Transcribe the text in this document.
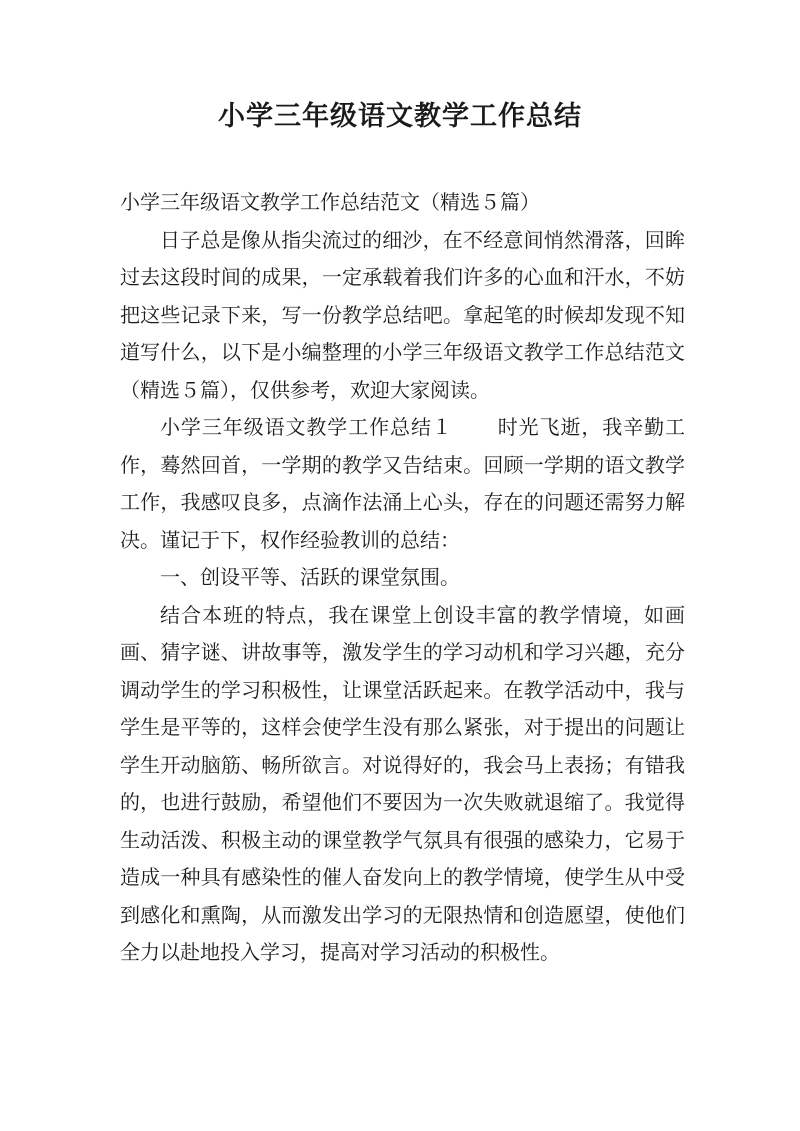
小学三年级语文教学工作总结

小学三年级语文教学工作总结范文（精选５篇）

日子总是像从指尖流过的细沙，在不经意间悄然滑落，回眸过去这段时间的成果，一定承载着我们许多的心血和汗水，不妨把这些记录下来，写一份教学总结吧。拿起笔的时候却发现不知道写什么，以下是小编整理的小学三年级语文教学工作总结范文（精选５篇），仅供参考，欢迎大家阅读。

小学三年级语文教学工作总结１ 时光飞逝，我辛勤工作，蓦然回首，一学期的教学又告结束。回顾一学期的语文教学工作，我感叹良多，点滴作法涌上心头，存在的问题还需努力解决。谨记于下，权作经验教训的总结：

一、创设平等、活跃的课堂氛围。

结合本班的特点，我在课堂上创设丰富的教学情境，如画画、猜字谜、讲故事等，激发学生的学习动机和学习兴趣，充分调动学生的学习积极性，让课堂活跃起来。在教学活动中，我与学生是平等的，这样会使学生没有那么紧张，对于提出的问题让学生开动脑筋、畅所欲言。对说得好的，我会马上表扬；有错我的，也进行鼓励，希望他们不要因为一次失败就退缩了。我觉得生动活泼、积极主动的课堂教学气氛具有很强的感染力，它易于造成一种具有感染性的催人奋发向上的教学情境，使学生从中受到感化和熏陶，从而激发出学习的无限热情和创造愿望，使他们全力以赴地投入学习，提高对学习活动的积极性。
